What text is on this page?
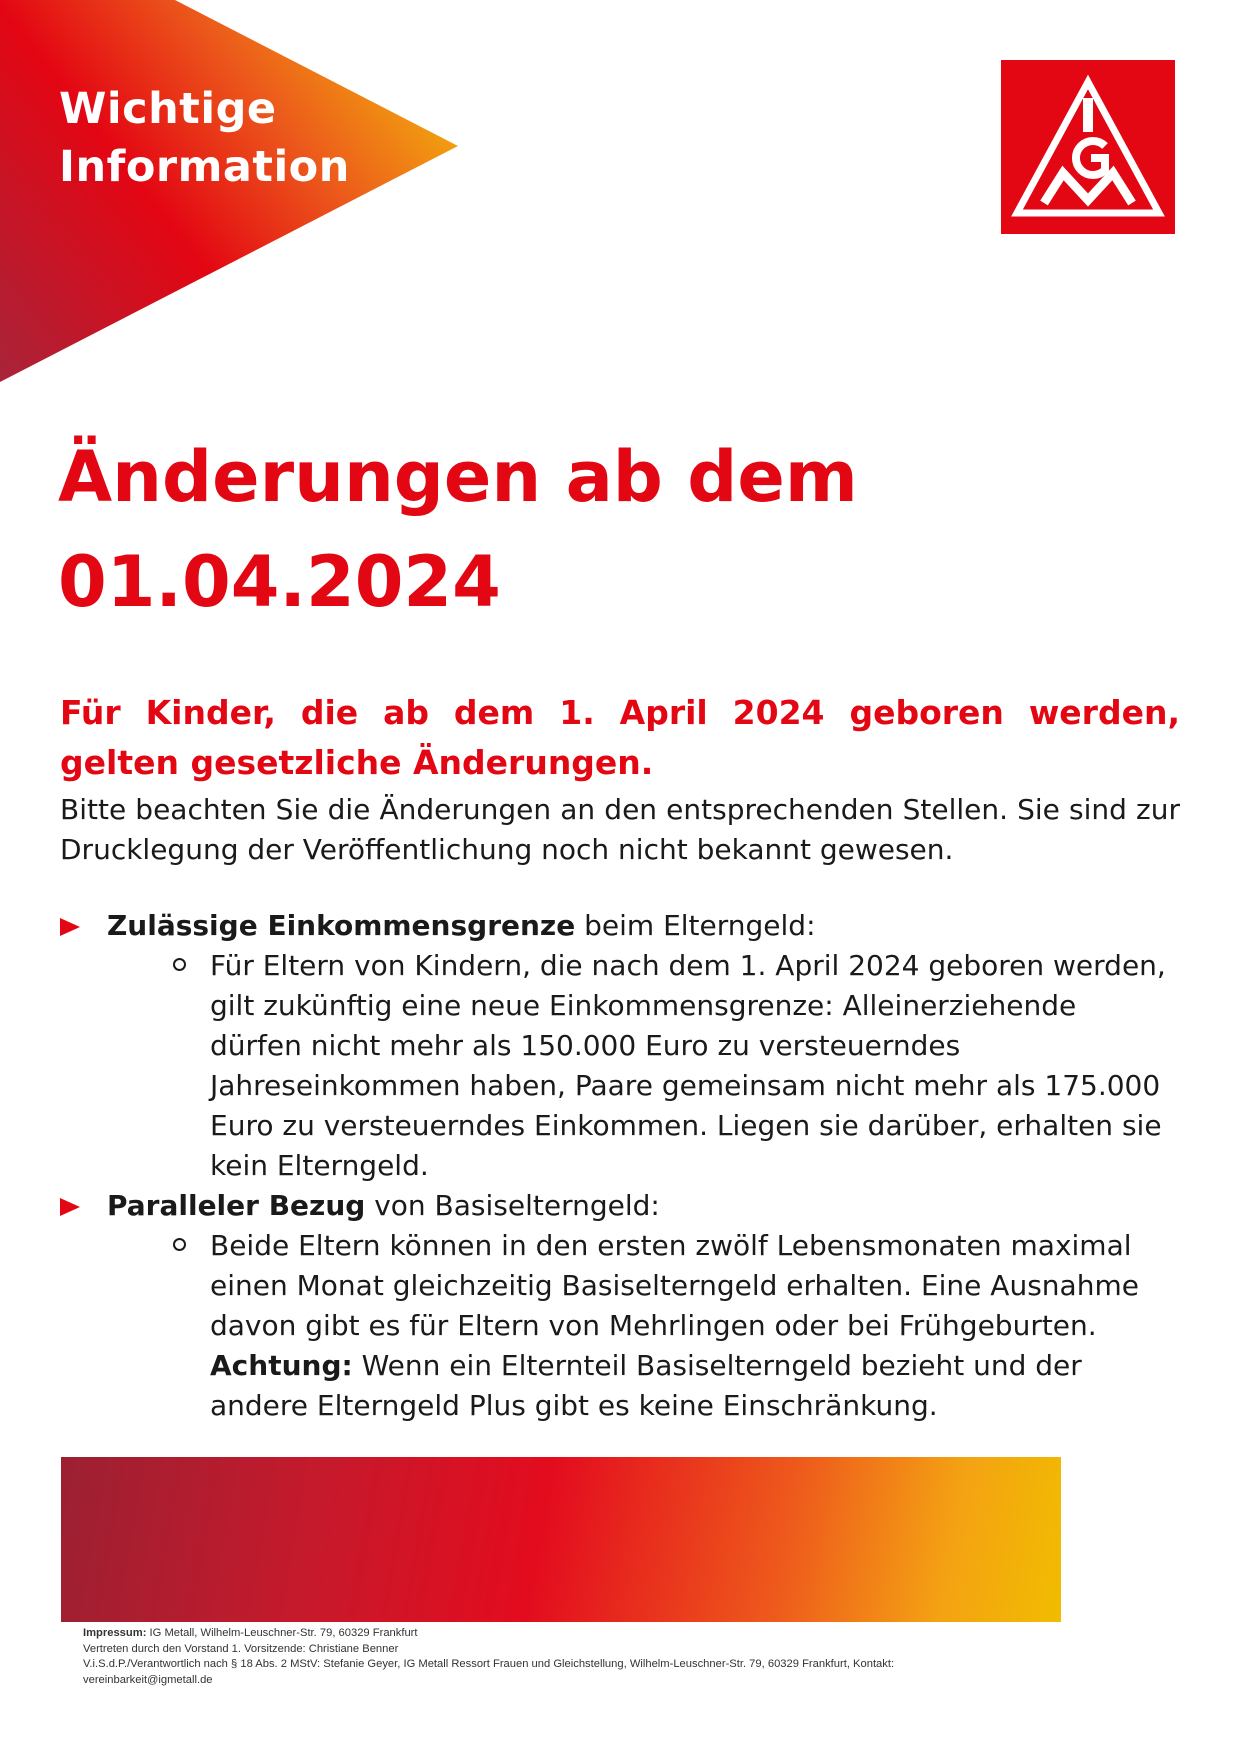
Wichtige
Information
Änderungen ab dem
01.04.2024
Für Kinder, die ab dem 1. April 2024 geboren werden, gelten gesetzliche Änderungen.
Bitte beachten Sie die Änderungen an den entsprechenden Stellen. Sie sind zur Drucklegung der Veröffentlichung noch nicht bekannt gewesen.
Zulässige Einkommensgrenze beim Elterngeld:
Für Eltern von Kindern, die nach dem 1. April 2024 geboren werden, gilt zukünftig eine neue Einkommensgrenze: Alleinerziehende dürfen nicht mehr als 150.000 Euro zu versteuerndes Jahreseinkommen haben, Paare gemeinsam nicht mehr als 175.000 Euro zu versteuerndes Einkommen. Liegen sie darüber, erhalten sie kein Elterngeld.
Paralleler Bezug von Basiselterngeld:
Beide Eltern können in den ersten zwölf Lebensmonaten maximal einen Monat gleichzeitig Basiselterngeld erhalten. Eine Ausnahme davon gibt es für Eltern von Mehrlingen oder bei Frühgeburten. Achtung: Wenn ein Elternteil Basiselterngeld bezieht und der andere Elterngeld Plus gibt es keine Einschränkung.
Impressum: IG Metall, Wilhelm-Leuschner-Str. 79, 60329 Frankfurt
Vertreten durch den Vorstand 1. Vorsitzende: Christiane Benner
V.i.S.d.P./Verantwortlich nach § 18 Abs. 2 MStV: Stefanie Geyer, IG Metall Ressort Frauen und Gleichstellung, Wilhelm-Leuschner-Str. 79, 60329 Frankfurt, Kontakt:
vereinbarkeit@igmetall.de
